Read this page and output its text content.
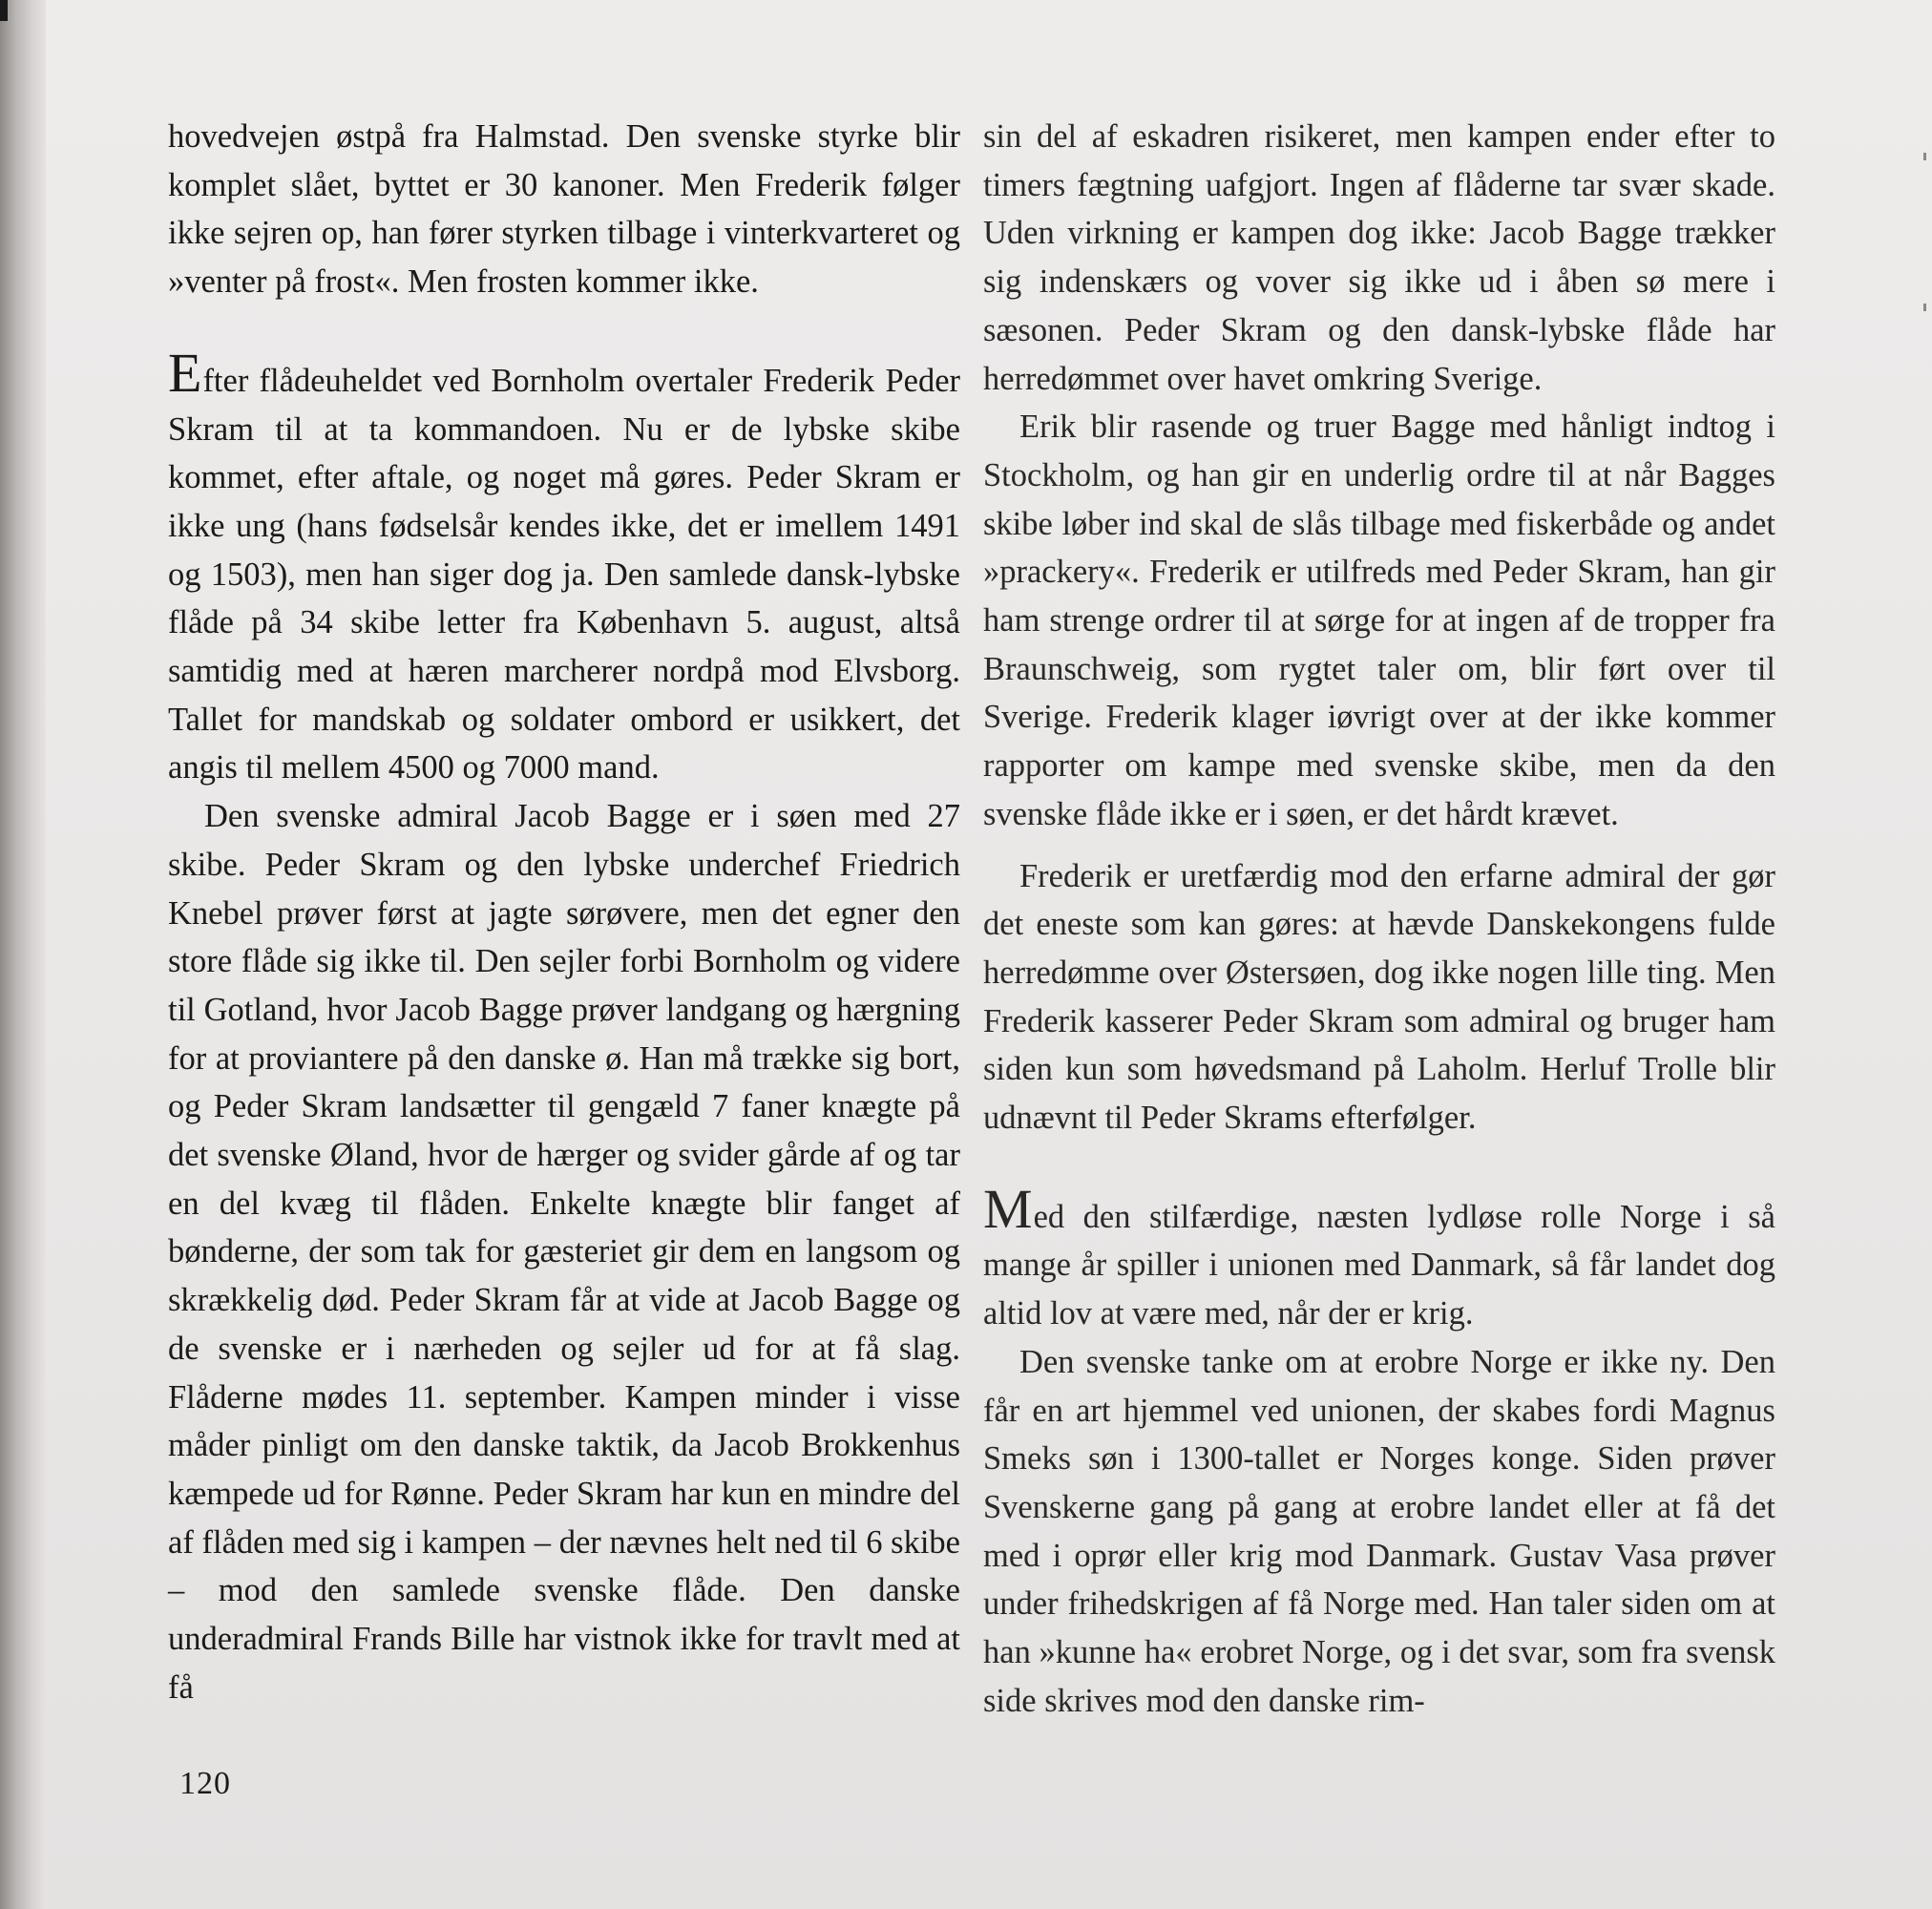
hovedvejen østpå fra Halmstad. Den svenske styrke blir komplet slået, byttet er 30 kanoner. Men Frederik følger ikke sejren op, han fører styrken tilbage i vinterkvarteret og »venter på frost«. Men frosten kommer ikke.

Efter flådeuheldet ved Bornholm overtaler Frederik Peder Skram til at ta kommandoen. Nu er de lybske skibe kommet, efter aftale, og noget må gøres. Peder Skram er ikke ung (hans fødselsår kendes ikke, det er imellem 1491 og 1503), men han siger dog ja. Den samlede dansk-lybske flåde på 34 skibe letter fra København 5. august, altså samtidig med at hæren marcherer nordpå mod Elvsborg. Tallet for mandskab og soldater ombord er usikkert, det angis til mellem 4500 og 7000 mand.

Den svenske admiral Jacob Bagge er i søen med 27 skibe. Peder Skram og den lybske underchef Friedrich Knebel prøver først at jagte sørøvere, men det egner den store flåde sig ikke til. Den sejler forbi Bornholm og videre til Gotland, hvor Jacob Bagge prøver landgang og hærgning for at proviantere på den danske ø. Han må trække sig bort, og Peder Skram landsætter til gengæld 7 faner knægte på det svenske Øland, hvor de hærger og svider gårde af og tar en del kvæg til flåden. Enkelte knægte blir fanget af bønderne, der som tak for gæsteriet gir dem en langsom og skrækkelig død. Peder Skram får at vide at Jacob Bagge og de svenske er i nærheden og sejler ud for at få slag. Flåderne mødes 11. september. Kampen minder i visse måder pinligt om den danske taktik, da Jacob Brokkenhus kæmpede ud for Rønne. Peder Skram har kun en mindre del af flåden med sig i kampen – der nævnes helt ned til 6 skibe – mod den samlede svenske flåde. Den danske underadmiral Frands Bille har vistnok ikke for travlt med at få

sin del af eskadren risikeret, men kampen ender efter to timers fægtning uafgjort. Ingen af flåderne tar svær skade. Uden virkning er kampen dog ikke: Jacob Bagge trækker sig indenskærs og vover sig ikke ud i åben sø mere i sæsonen. Peder Skram og den dansk-lybske flåde har herredømmet over havet omkring Sverige.

Erik blir rasende og truer Bagge med hånligt indtog i Stockholm, og han gir en underlig ordre til at når Bagges skibe løber ind skal de slås tilbage med fiskerbåde og andet »prackery«. Frederik er utilfreds med Peder Skram, han gir ham strenge ordrer til at sørge for at ingen af de tropper fra Braunschweig, som rygtet taler om, blir ført over til Sverige. Frederik klager iøvrigt over at der ikke kommer rapporter om kampe med svenske skibe, men da den svenske flåde ikke er i søen, er det hårdt krævet.

Frederik er uretfærdig mod den erfarne admiral der gør det eneste som kan gøres: at hævde Danskekongens fulde herredømme over Østersøen, dog ikke nogen lille ting. Men Frederik kasserer Peder Skram som admiral og bruger ham siden kun som høvedsmand på Laholm. Herluf Trolle blir udnævnt til Peder Skrams efterfølger.

Med den stilfærdige, næsten lydløse rolle Norge i så mange år spiller i unionen med Danmark, så får landet dog altid lov at være med, når der er krig.

Den svenske tanke om at erobre Norge er ikke ny. Den får en art hjemmel ved unionen, der skabes fordi Magnus Smeks søn i 1300-tallet er Norges konge. Siden prøver Svenskerne gang på gang at erobre landet eller at få det med i oprør eller krig mod Danmark. Gustav Vasa prøver under frihedskrigen af få Norge med. Han taler siden om at han »kunne ha« erobret Norge, og i det svar, som fra svensk side skrives mod den danske rim-

120
